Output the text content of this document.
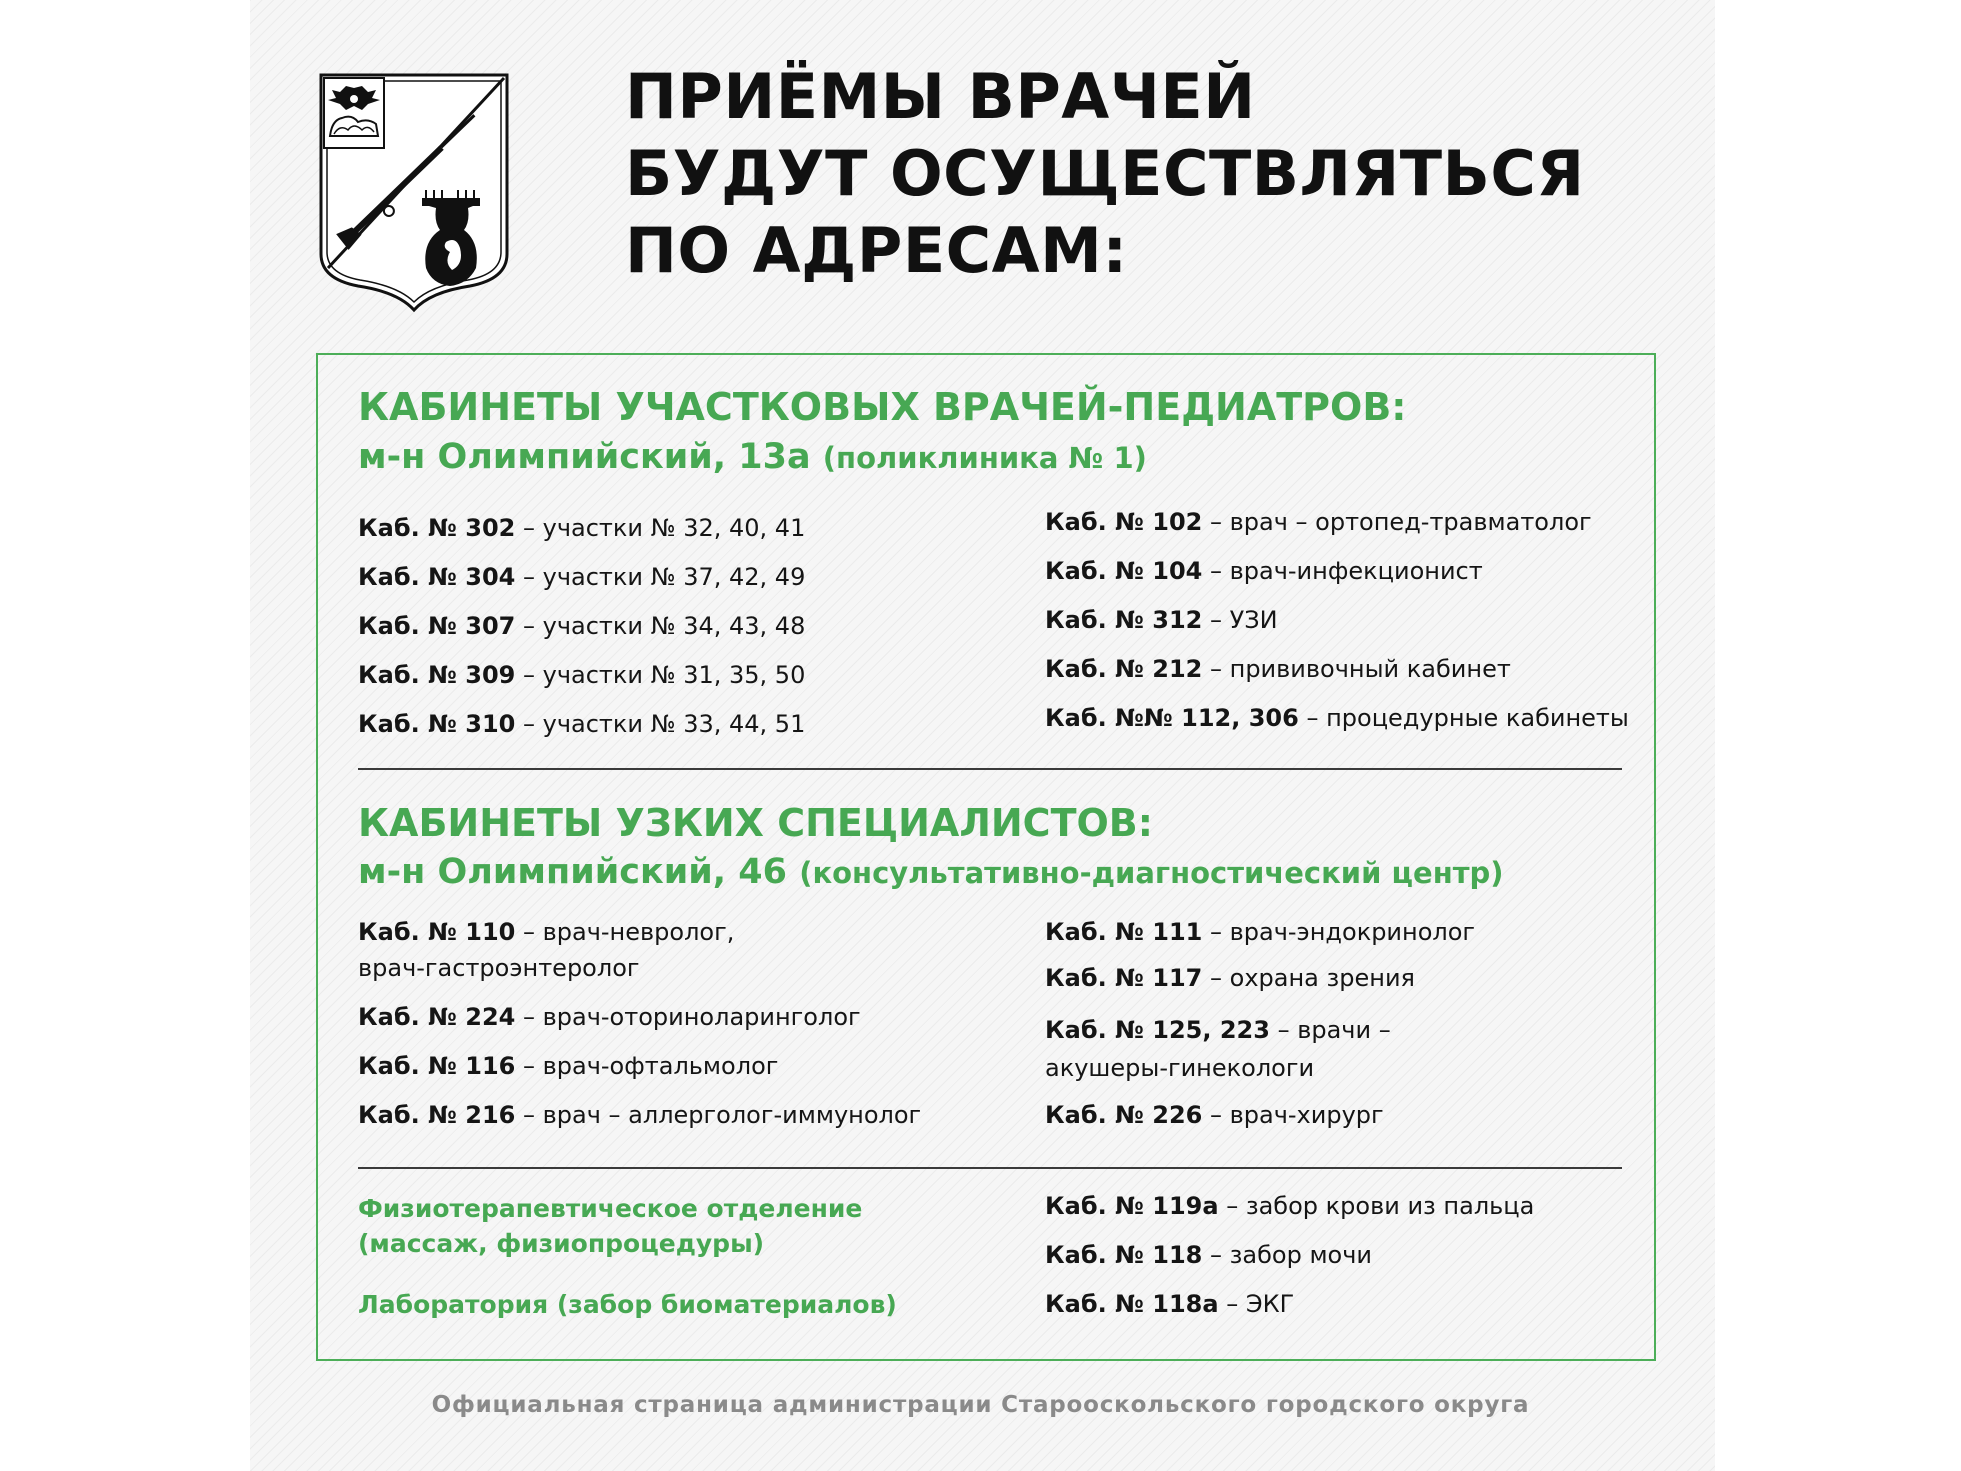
ПРИЁМЫ ВРАЧЕЙ
БУДУТ ОСУЩЕСТВЛЯТЬСЯ
ПО АДРЕСАМ:
КАБИНЕТЫ УЧАСТКОВЫХ ВРАЧЕЙ-ПЕДИАТРОВ:
м-н Олимпийский, 13а (поликлиника № 1)
Каб. № 302 – участки № 32, 40, 41
Каб. № 304 – участки № 37, 42, 49
Каб. № 307 – участки № 34, 43, 48
Каб. № 309 – участки № 31, 35, 50
Каб. № 310 – участки № 33, 44, 51
Каб. № 102 – врач – ортопед-травматолог
Каб. № 104 – врач-инфекционист
Каб. № 312 – УЗИ
Каб. № 212 – прививочный кабинет
Каб. №№ 112, 306 – процедурные кабинеты
КАБИНЕТЫ УЗКИХ СПЕЦИАЛИСТОВ:
м-н Олимпийский, 46 (консультативно-диагностический центр)
Каб. № 110 – врач-невролог,
врач-гастроэнтеролог
Каб. № 224 – врач-оториноларинголог
Каб. № 116 – врач-офтальмолог
Каб. № 216 – врач – аллерголог-иммунолог
Каб. № 111 – врач-эндокринолог
Каб. № 117 – охрана зрения
Каб. № 125, 223 – врачи –
акушеры-гинекологи
Каб. № 226 – врач-хирург
Физиотерапевтическое отделение
(массаж, физиопроцедуры)
Лаборатория (забор биоматериалов)
Каб. № 119а – забор крови из пальца
Каб. № 118 – забор мочи
Каб. № 118а – ЭКГ
Официальная страница администрации Старооскольского городского округа
